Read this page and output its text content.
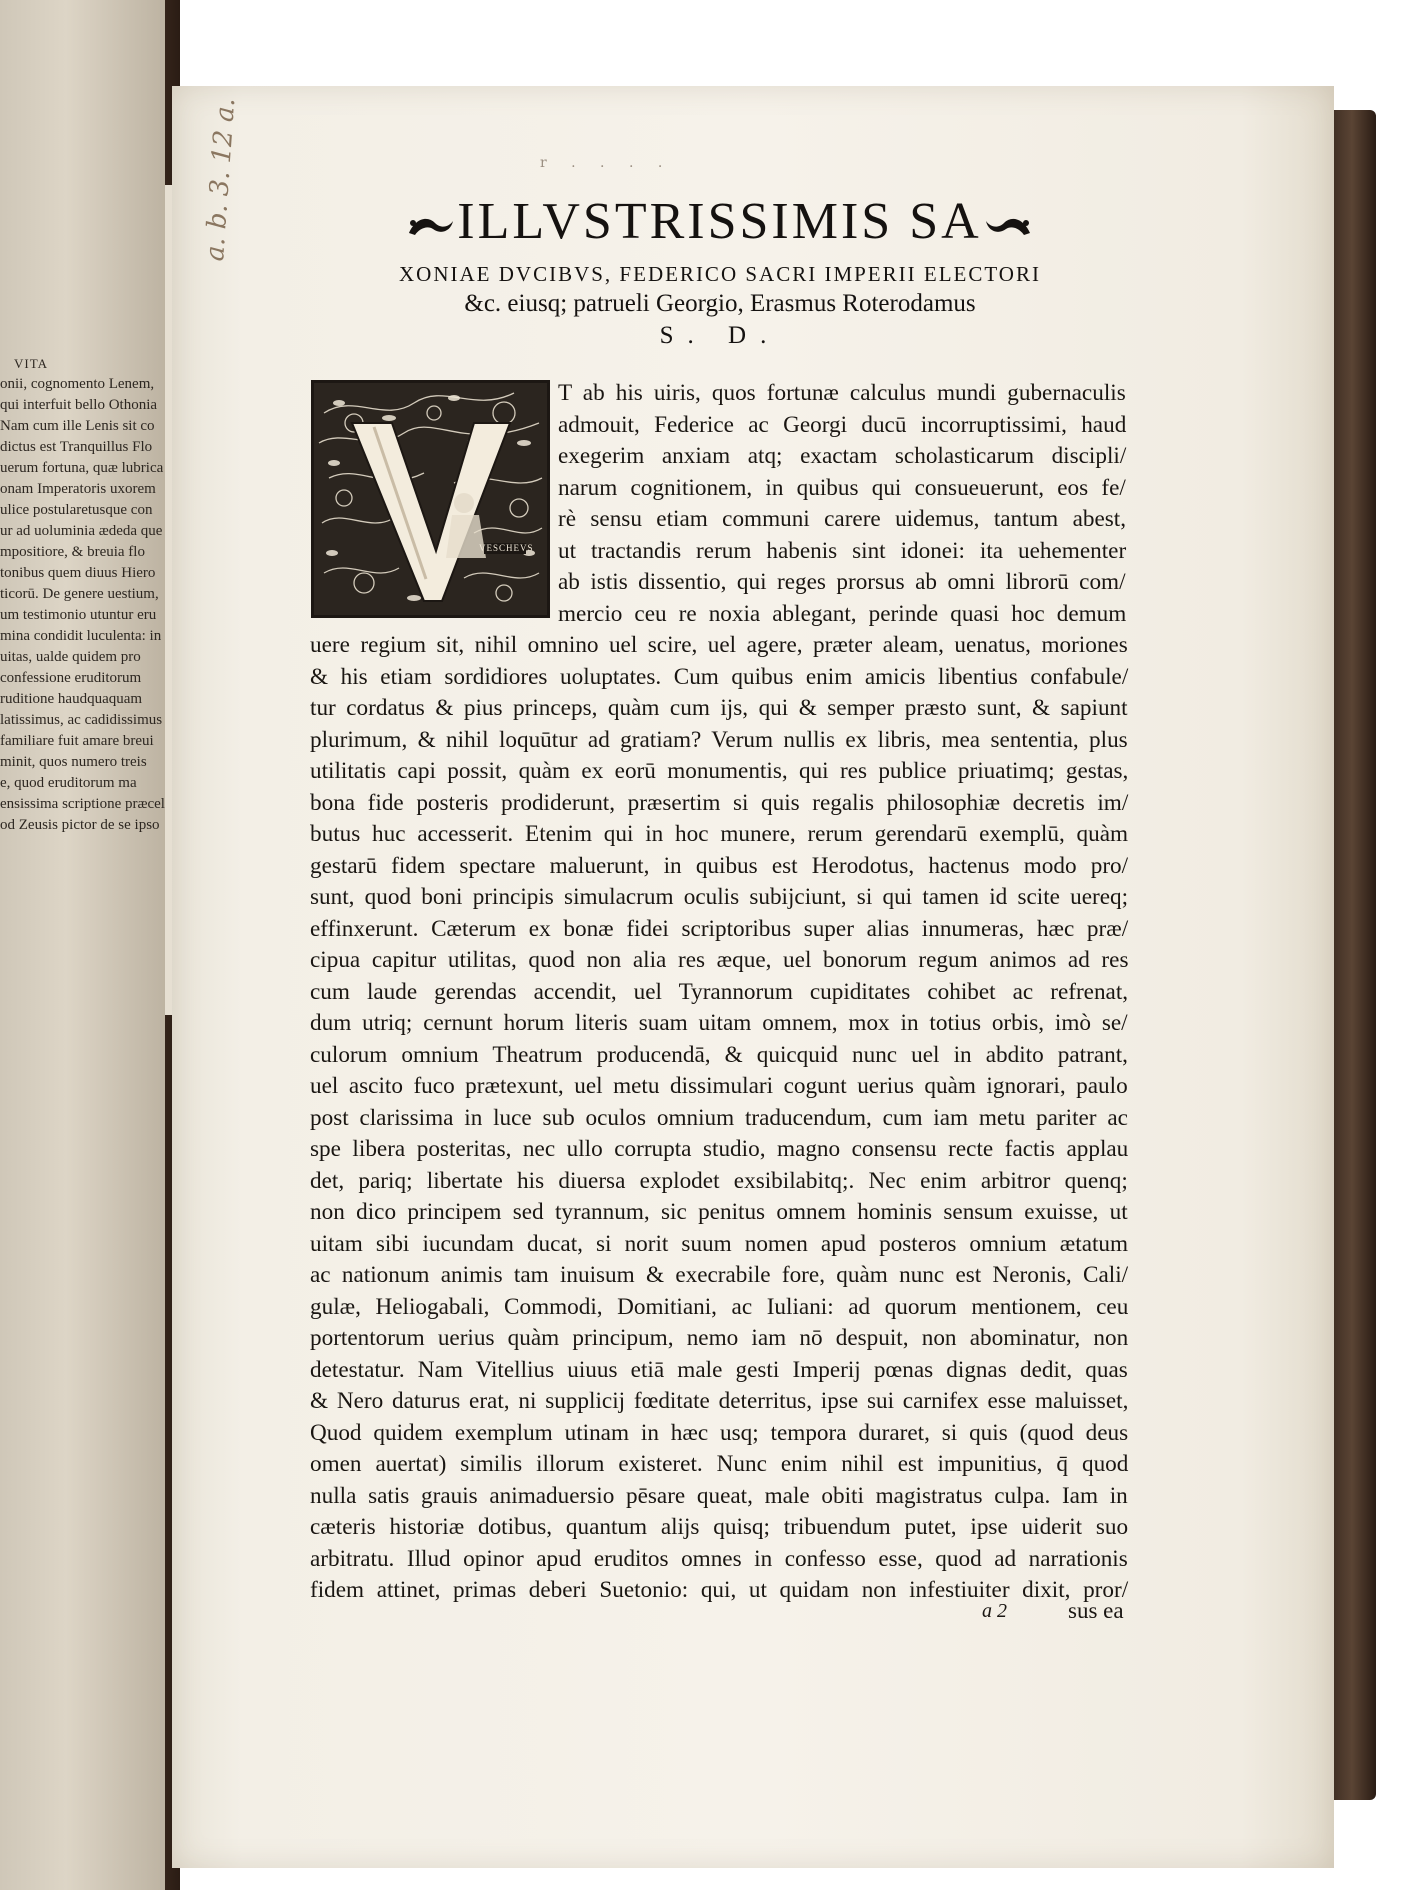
VITA
onii, cognomento Lenem,
qui interfuit bello Othonia
Nam cum ille Lenis sit co
dictus est Tranquillus Flo
uerum fortuna, quæ lubrica
onam Imperatoris uxorem
ulice postularetusque con
ur ad uoluminia ædeda que
mpositiore, & breuia flo
tonibus quem diuus Hiero
ticorū. De genere uestium,
um testimonio utuntur eru
mina condidit luculenta: in
uitas, ualde quidem pro
confessione eruditorum
ruditione haudquaquam
latissimus, ac cadidissimus
familiare fuit amare breui
minit, quos numero treis
e, quod eruditorum ma
ensissima scriptione præcel
od Zeusis pictor de se ipso
a. b. 3. 12 a.	r . . . .
ILLVSTRISSIMIS SA
XONIAE DVCIBVS, FEDERICO SACRI IMPERII ELECTORI
&c. eiusq; patrueli Georgio, Erasmus Roterodamus
S. D.
VESCHEVS
T ab his uiris, quos fortunæ calculus mundi gubernaculis
admouit, Federice ac Georgi ducū incorruptissimi, haud
exegerim anxiam atq; exactam scholasticarum discipli/
narum cognitionem, in quibus qui consueuerunt, eos fe/
rè sensu etiam communi carere uidemus, tantum abest,
ut tractandis rerum habenis sint idonei: ita uehementer
ab istis dissentio, qui reges prorsus ab omni librorū com/
mercio ceu re noxia ablegant, perinde quasi hoc demum
uere regium sit, nihil omnino uel scire, uel agere, præter aleam, uenatus, moriones
& his etiam sordidiores uoluptates. Cum quibus enim amicis libentius confabule/
tur cordatus & pius princeps, quàm cum ijs, qui & semper præsto sunt, & sapiunt
plurimum, & nihil loquūtur ad gratiam? Verum nullis ex libris, mea sententia, plus
utilitatis capi possit, quàm ex eorū monumentis, qui res publice priuatimq; gestas,
bona fide posteris prodiderunt, præsertim si quis regalis philosophiæ decretis im/
butus huc accesserit. Etenim qui in hoc munere, rerum gerendarū exemplū, quàm
gestarū fidem spectare maluerunt, in quibus est Herodotus, hactenus modo pro/
sunt, quod boni principis simulacrum oculis subijciunt, si qui tamen id scite uereq;
effinxerunt. Cæterum ex bonæ fidei scriptoribus super alias innumeras, hæc præ/
cipua capitur utilitas, quod non alia res æque, uel bonorum regum animos ad res
cum laude gerendas accendit, uel Tyrannorum cupiditates cohibet ac refrenat,
dum utriq; cernunt horum literis suam uitam omnem, mox in totius orbis, imò se/
culorum omnium Theatrum producendā, & quicquid nunc uel in abdito patrant,
uel ascito fuco prætexunt, uel metu dissimulari cogunt uerius quàm ignorari, paulo
post clarissima in luce sub oculos omnium traducendum, cum iam metu pariter ac
spe libera posteritas, nec ullo corrupta studio, magno consensu recte factis applau
det, pariq; libertate his diuersa explodet exsibilabitq;. Nec enim arbitror quenq;
non dico principem sed tyrannum, sic penitus omnem hominis sensum exuisse, ut
uitam sibi iucundam ducat, si norit suum nomen apud posteros omnium ætatum
ac nationum animis tam inuisum & execrabile fore, quàm nunc est Neronis, Cali/
gulæ, Heliogabali, Commodi, Domitiani, ac Iuliani: ad quorum mentionem, ceu
portentorum uerius quàm principum, nemo iam nō despuit, non abominatur, non
detestatur. Nam Vitellius uiuus etiā male gesti Imperij pœnas dignas dedit, quas
& Nero daturus erat, ni supplicij fœditate deterritus, ipse sui carnifex esse maluisset,
Quod quidem exemplum utinam in hæc usq; tempora duraret, si quis (quod deus
omen auertat) similis illorum existeret. Nunc enim nihil est impunitius, q̄ quod
nulla satis grauis animaduersio pēsare queat, male obiti magistratus culpa. Iam in
cæteris historiæ dotibus, quantum alijs quisq; tribuendum putet, ipse uiderit suo
arbitratu. Illud opinor apud eruditos omnes in confesso esse, quod ad narrationis
fidem attinet, primas deberi Suetonio: qui, ut quidam non infestiuiter dixit, pror/
a 2	sus ea
